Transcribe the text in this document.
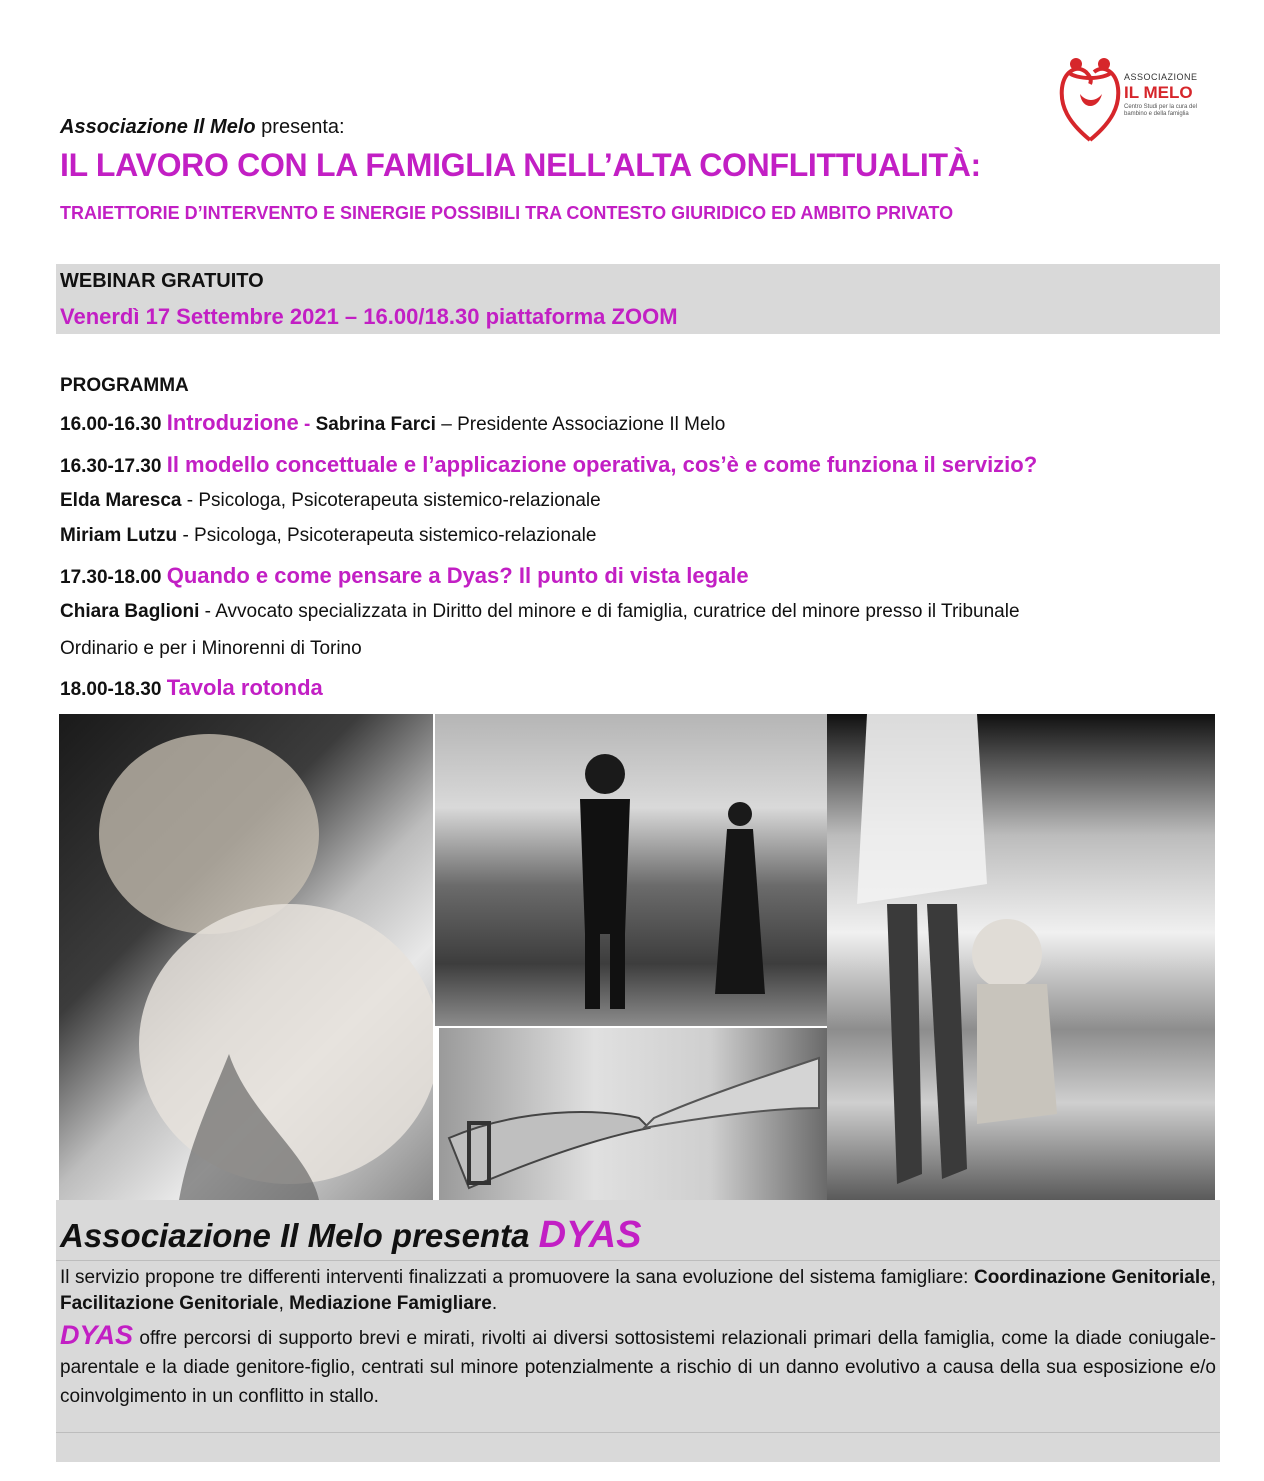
ASSOCIAZIONE
IL MELO
Centro Studi per la cura del bambino e della famiglia
Associazione Il Melo presenta:
IL LAVORO CON LA FAMIGLIA NELL’ALTA CONFLITTUALITÀ:
TRAIETTORIE D’INTERVENTO E SINERGIE POSSIBILI TRA CONTESTO GIURIDICO ED AMBITO PRIVATO
WEBINAR GRATUITO
Venerdì 17 Settembre 2021 – 16.00/18.30 piattaforma ZOOM
PROGRAMMA
16.00-16.30 Introduzione - Sabrina Farci – Presidente Associazione Il Melo
16.30-17.30 Il modello concettuale e l’applicazione operativa, cos’è e come funziona il servizio?
Elda Maresca - Psicologa, Psicoterapeuta sistemico-relazionale
Miriam Lutzu - Psicologa, Psicoterapeuta sistemico-relazionale
17.30-18.00 Quando e come pensare a Dyas? Il punto di vista legale
Chiara Baglioni - Avvocato specializzata in Diritto del minore e di famiglia, curatrice del minore presso il Tribunale
Ordinario e per i Minorenni di Torino
18.00-18.30 Tavola rotonda
Associazione Il Melo presenta DYAS
Il servizio propone tre differenti interventi finalizzati a promuovere la sana evoluzione del sistema famigliare: Coordinazione Genitoriale, Facilitazione Genitoriale, Mediazione Famigliare.
DYAS offre percorsi di supporto brevi e mirati, rivolti ai diversi sottosistemi relazionali primari della famiglia, come la diade coniugale-parentale e la diade genitore-figlio, centrati sul minore potenzialmente a rischio di un danno evolutivo a causa della sua esposizione e/o coinvolgimento in un conflitto in stallo.
